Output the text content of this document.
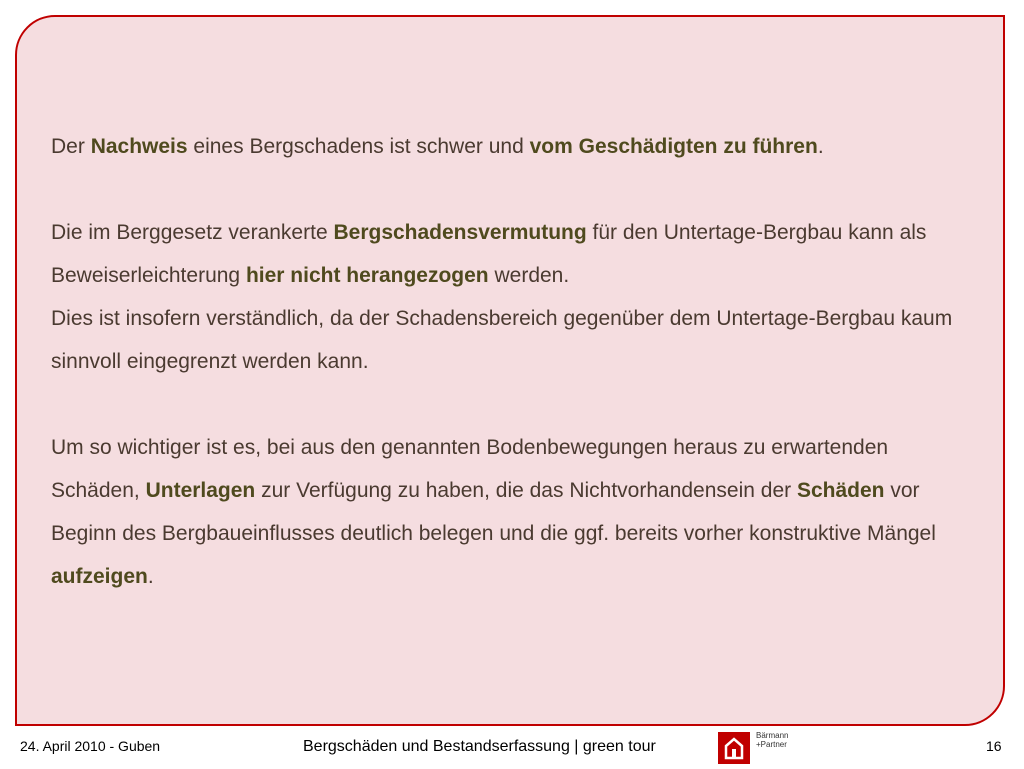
Der Nachweis eines Bergschadens ist schwer und vom Geschädigten zu führen.

Die im Berggesetz verankerte Bergschadensvermutung für den Untertage-Bergbau kann als Beweiserleichterung hier nicht herangezogen werden.

Dies ist insofern verständlich, da der Schadensbereich gegenüber dem Untertage-Bergbau kaum sinnvoll eingegrenzt werden kann.

Um so wichtiger ist es, bei aus den genannten Bodenbewegungen heraus zu erwartenden Schäden, Unterlagen zur Verfügung zu haben, die das Nichtvorhandensein der Schäden vor Beginn des Bergbaueinflusses deutlich belegen und die ggf. bereits vorher konstruktive Mängel aufzeigen.

24. April 2010 - Guben	Bergschäden und Bestandserfassung | green tour
Bärmann
+Partner	16
